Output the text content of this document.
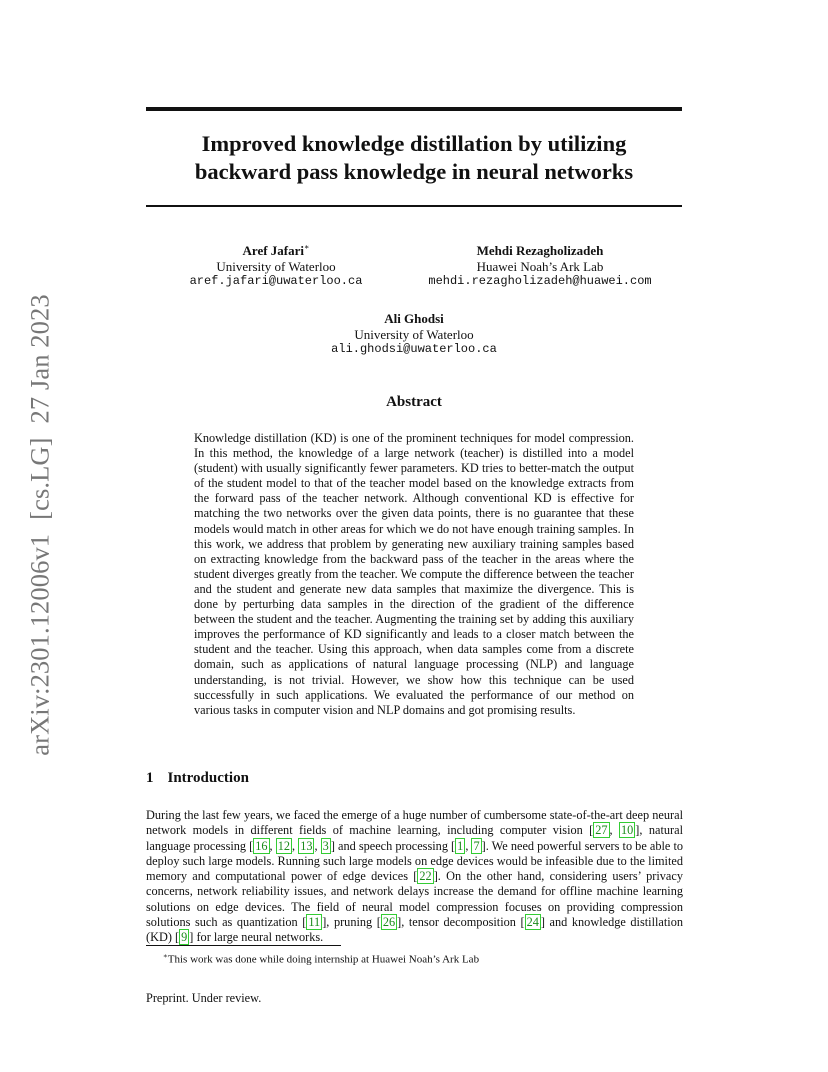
arXiv:2301.12006v1[cs.LG]27 Jan 2023
Improved knowledge distillation by utilizing
backward pass knowledge in neural networks
Aref Jafari∗
University of Waterloo
aref.jafari@uwaterloo.ca
Mehdi Rezagholizadeh
Huawei Noah’s Ark Lab
mehdi.rezagholizadeh@huawei.com
Ali Ghodsi
University of Waterloo
ali.ghodsi@uwaterloo.ca
Abstract
Knowledge distillation (KD) is one of the prominent techniques for model compression. In this method, the knowledge of a large network (teacher) is distilled into a model (student) with usually significantly fewer parameters. KD tries to better-match the output of the student model to that of the teacher model based on the knowledge extracts from the forward pass of the teacher network. Although conventional KD is effective for matching the two networks over the given data points, there is no guarantee that these models would match in other areas for which we do not have enough training samples. In this work, we address that problem by generating new auxiliary training samples based on extracting knowledge from the backward pass of the teacher in the areas where the student diverges greatly from the teacher. We compute the difference between the teacher and the student and generate new data samples that maximize the divergence. This is done by perturbing data samples in the direction of the gradient of the difference between the student and the teacher. Augmenting the training set by adding this auxiliary improves the performance of KD significantly and leads to a closer match between the student and the teacher. Using this approach, when data samples come from a discrete domain, such as applications of natural language processing (NLP) and language understanding, is not trivial. However, we show how this technique can be used successfully in such applications. We evaluated the performance of our method on various tasks in computer vision and NLP domains and got promising results.
1 Introduction
During the last few years, we faced the emerge of a huge number of cumbersome state-of-the-art deep neural network models in different fields of machine learning, including computer vision [ 27 , 10 ], natural language processing [ 16 , 12 , 13 , 3 ] and speech processing [ 1 , 7 ]. We need powerful servers to be able to deploy such large models. Running such large models on edge devices would be infeasible due to the limited memory and computational power of edge devices [ 22 ]. On the other hand, considering users’ privacy concerns, network reliability issues, and network delays increase the demand for offline machine learning solutions on edge devices. The field of neural model compression focuses on providing compression solutions such as quantization [ 11 ], pruning [ 26 ], tensor decomposition [ 24 ] and knowledge distillation (KD) [ 9 ] for large neural networks.
∗This work was done while doing internship at Huawei Noah’s Ark Lab
Preprint. Under review.
